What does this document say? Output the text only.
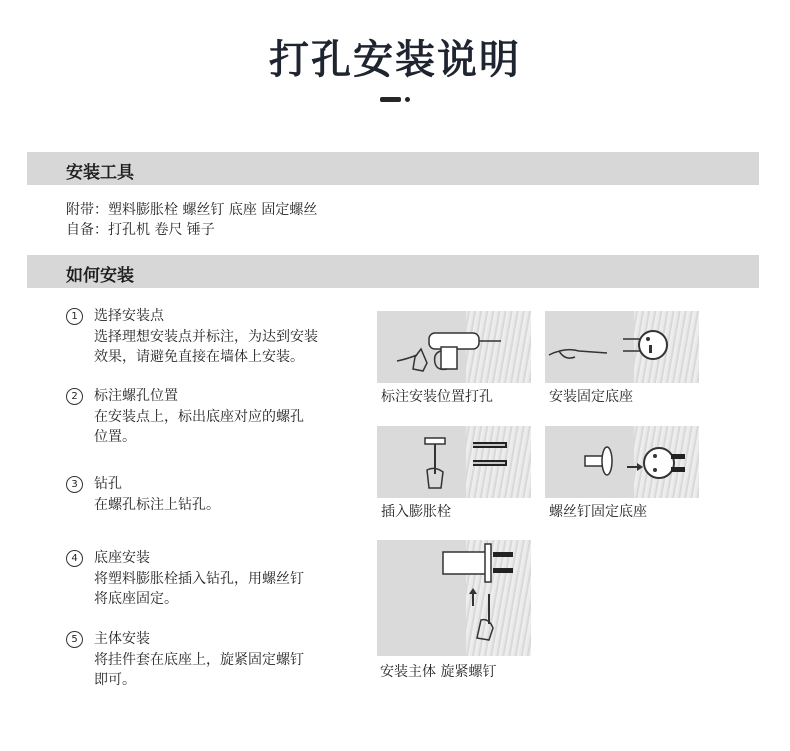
打孔安装说明
安装工具
附带：塑料膨胀栓 螺丝钉 底座 固定螺丝
自备：打孔机 卷尺 锤子
如何安装
1	选择安装点
选择理想安装点并标注，为达到安装效果，请避免直接在墙体上安装。
2	标注螺孔位置
在安装点上，标出底座对应的螺孔位置。
3	钻孔
在螺孔标注上钻孔。
4	底座安装
将塑料膨胀栓插入钻孔，用螺丝钉将底座固定。
5	主体安装
将挂件套在底座上，旋紧固定螺钉即可。
标注安装位置打孔	安装固定底座
插入膨胀栓	螺丝钉固定底座
安装主体 旋紧螺钉
